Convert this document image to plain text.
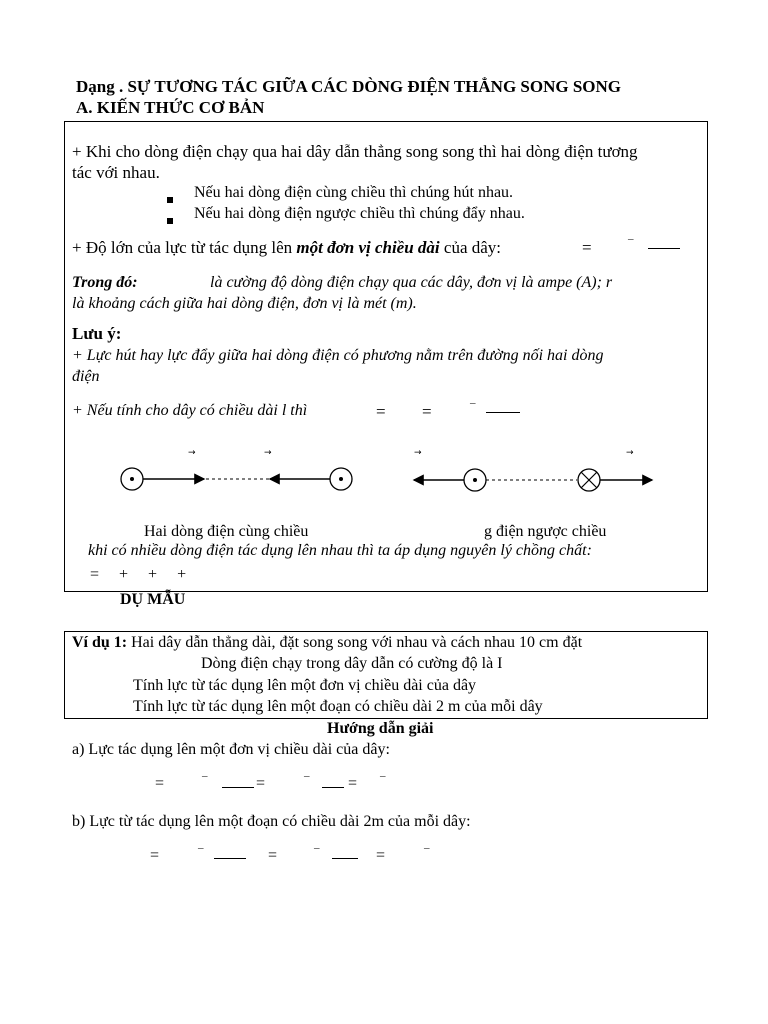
Dạng . SỰ TƯƠNG TÁC GIỮA CÁC DÒNG ĐIỆN THẲNG SONG SONG
A. KIẾN THỨC CƠ BẢN
+ Khi cho dòng điện chạy qua hai dây dẫn thẳng song song thì hai dòng điện tương
tác với nhau.
Nếu hai dòng điện cùng chiều thì chúng hút nhau.
Nếu hai dòng điện ngược chiều thì chúng đẩy nhau.
+ Độ lớn của lực từ tác dụng lên một đơn vị chiều dài của dây:	=	–
Trong đó:	là cường độ dòng điện chạy qua các dây, đơn vị là ampe (A); r
là khoảng cách giữa hai dòng điện, đơn vị là mét (m).
Lưu ý:
+ Lực hút hay lực đẩy giữa hai dòng điện có phương nằm trên đường nối hai dòng
điện
+ Nếu tính cho dây có chiều dài l thì	= =	–
→	→	→	→
Hai dòng điện cùng chiều	g điện ngược chiều
khi có nhiều dòng điện tác dụng lên nhau thì ta áp dụng nguyên lý chồng chất:
=     +     +     +
DỤ MẪU
Ví dụ 1: Hai dây dẫn thẳng dài, đặt song song với nhau và cách nhau 10 cm đặt
Dòng điện chạy trong dây dẫn có cường độ là I
Tính lực từ tác dụng lên một đơn vị chiều dài của dây
Tính lực từ tác dụng lên một đoạn có chiều dài 2 m của mỗi dây
Hướng dẫn giải
a) Lực tác dụng lên một đơn vị chiều dài của dây:
=	–	=	– = –
b) Lực từ tác dụng lên một đoạn có chiều dài 2m của mỗi dây:
=	–	=	–	=	–
